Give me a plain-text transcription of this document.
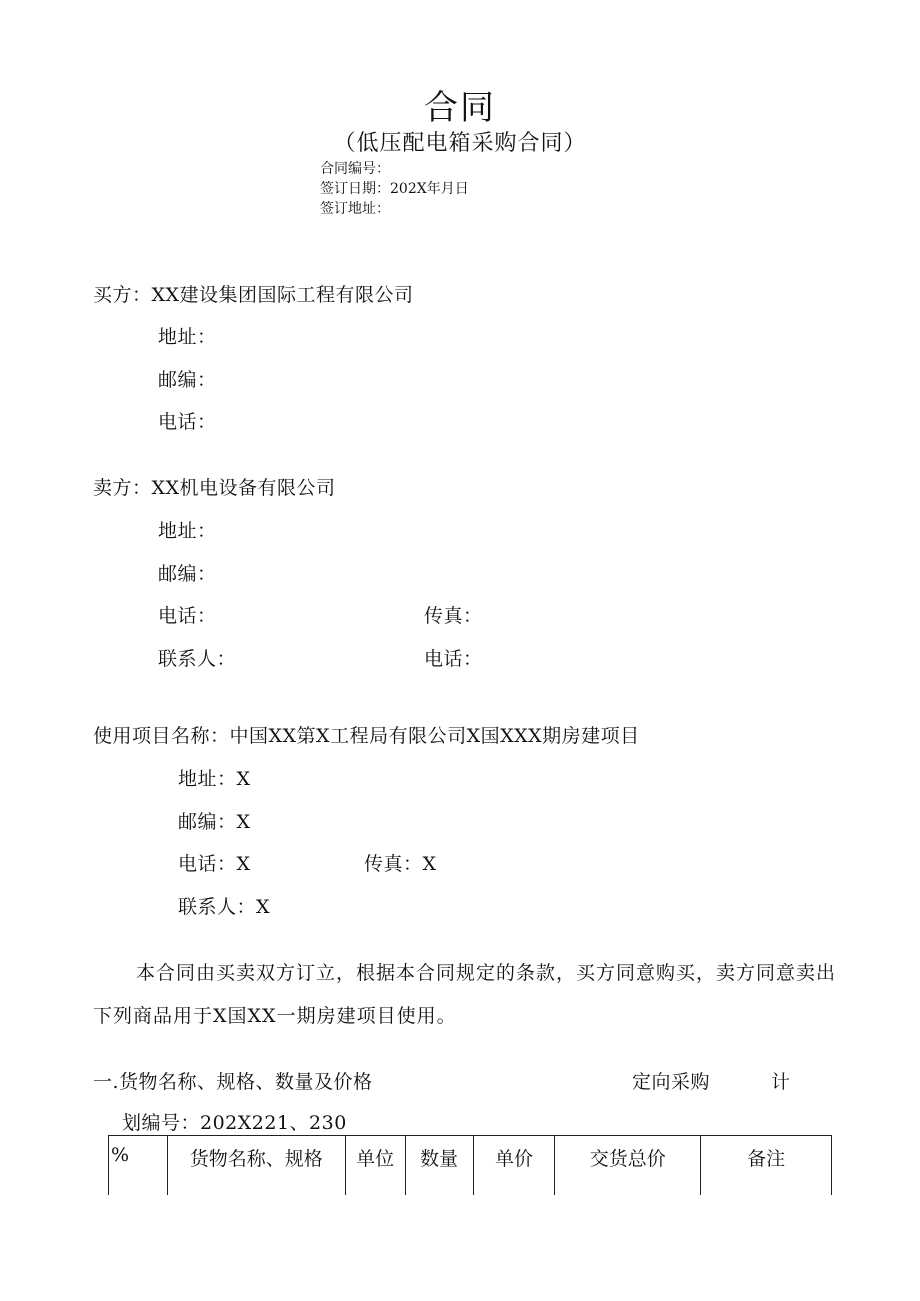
合同
（低压配电箱采购合同）
合同编号：
签订日期：202X年月日
签订地址：
买方：XX建设集团国际工程有限公司
地址：
邮编：
电话：
卖方：XX机电设备有限公司
地址：
邮编：
电话：	传真：
联系人：	电话：
使用项目名称：中国XX第X工程局有限公司X国XXX期房建项目
地址：X
邮编：X
电话：X	传真：X
联系人：X
本合同由买卖双方订立，根据本合同规定的条款，买方同意购买，卖方同意卖出
下列商品用于X国XX一期房建项目使用。
一.货物名称、规格、数量及价格	定向采购	计
划编号：202X221、230
%	货物名称、规格	单位	数量	单价	交货总价	备注
